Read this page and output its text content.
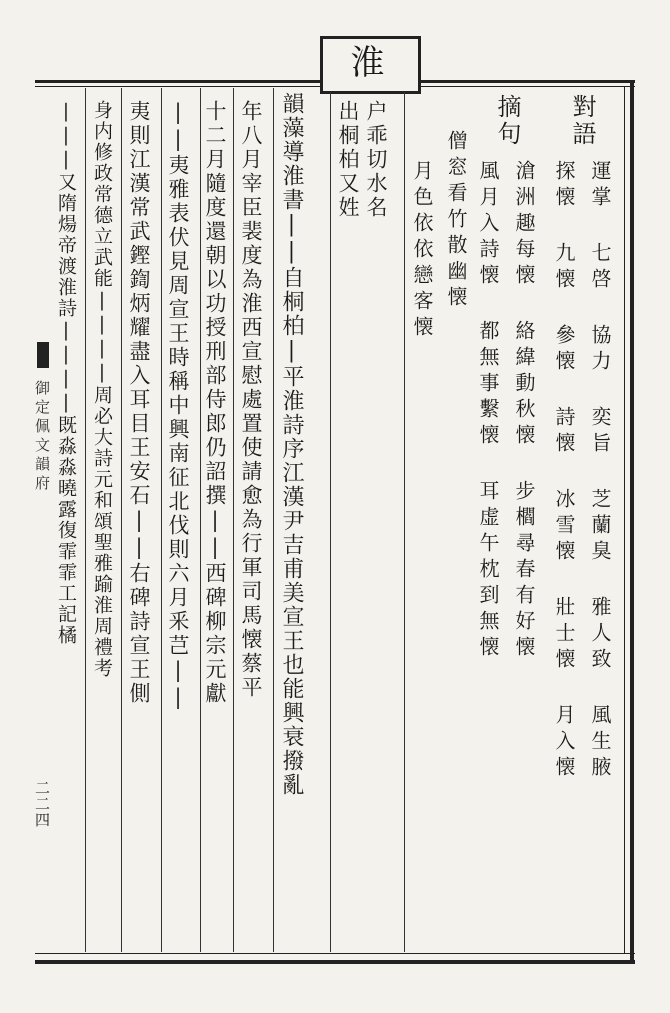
淮
户乖切水名
出桐柏又姓	對語
運掌 七啓 協力 奕旨 芝蘭臭 雅人致 風生腋
探懐 九懐 參懐 詩懐 冰雪懐 壯士懐 月入懐
摘句
滄洲趣每懐 絡緯動秋懐 步櫩尋春有好懐
風月入詩懐 都無事繫懐 耳虚午枕到無懐
僧窓看竹散幽懐
月色依依戀客懐
韻藻導淮書||自桐柏|平淮詩序江漢尹吉甫美宣王也能興衰撥亂
年八月宰臣裴度為淮西宣慰處置使請愈為行軍司馬懐蔡平
十二月隨度還朝以功授刑部侍郎仍詔撰||西碑柳宗元獻
||夷雅表伏見周宣王時稱中興南征北伐則六月釆芑||
夷則江漢常武鏗鍧炳耀盡入耳目王安石||右碑詩宣王側
身内修政常德立武能||||周必大詩元和頌聖雅踰淮周禮考
|||又隋煬帝渡淮詩||||既淼淼曉露復霏霏工記橘
御定佩文韻府
二二四
